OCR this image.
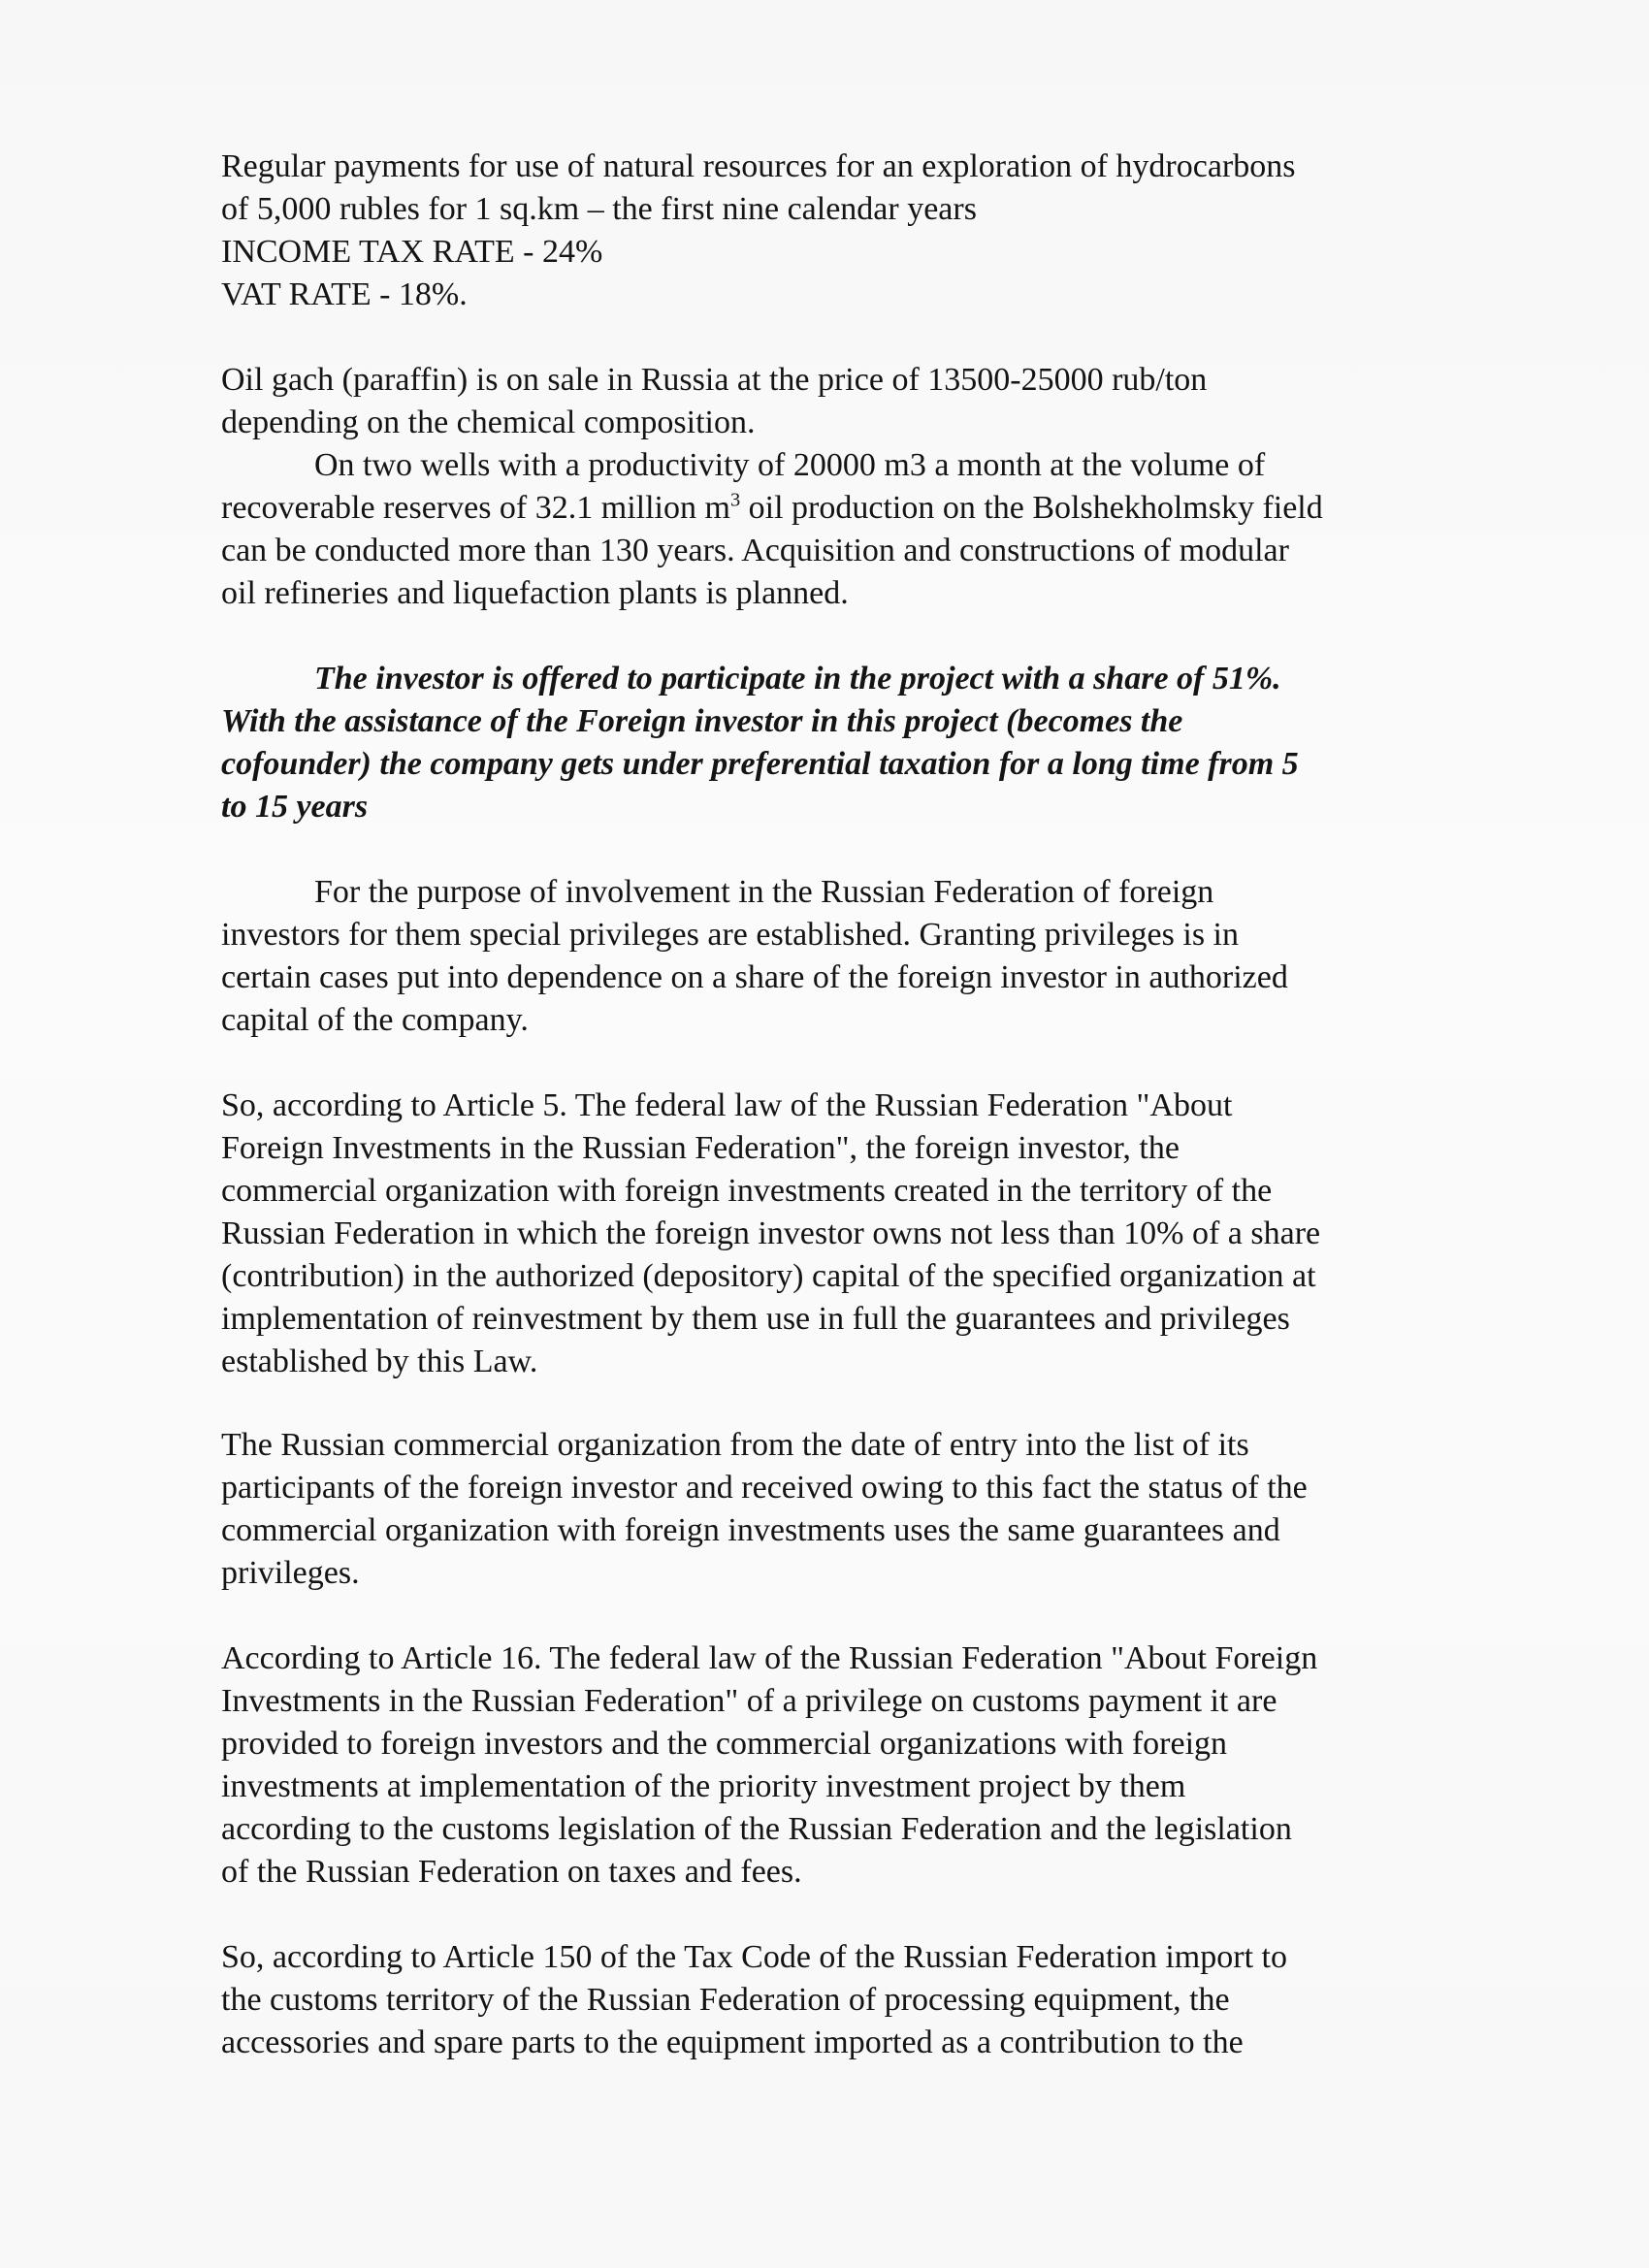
Regular payments for use of natural resources for an exploration of hydrocarbons
of 5,000 rubles for 1 sq.km – the first nine calendar years
INCOME TAX RATE - 24%
VAT RATE - 18%.
Oil gach (paraffin) is on sale in Russia at the price of 13500-25000 rub/ton
depending on the chemical composition.
On two wells with a productivity of 20000 m3 a month at the volume of
recoverable reserves of 32.1 million $m^3$ oil production on the Bolshekholmsky field
can be conducted more than 130 years. Acquisition and constructions of modular
oil refineries and liquefaction plants is planned.
The investor is offered to participate in the project with a share of 51%.
With the assistance of the Foreign investor in this project (becomes the
cofounder) the company gets under preferential taxation for a long time from 5
to 15 years
For the purpose of involvement in the Russian Federation of foreign
investors for them special privileges are established. Granting privileges is in
certain cases put into dependence on a share of the foreign investor in authorized
capital of the company.
So, according to Article 5. The federal law of the Russian Federation "About
Foreign Investments in the Russian Federation", the foreign investor, the
commercial organization with foreign investments created in the territory of the
Russian Federation in which the foreign investor owns not less than 10% of a share
(contribution) in the authorized (depository) capital of the specified organization at
implementation of reinvestment by them use in full the guarantees and privileges
established by this Law.
The Russian commercial organization from the date of entry into the list of its
participants of the foreign investor and received owing to this fact the status of the
commercial organization with foreign investments uses the same guarantees and
privileges.
According to Article 16. The federal law of the Russian Federation "About Foreign
Investments in the Russian Federation" of a privilege on customs payment it are
provided to foreign investors and the commercial organizations with foreign
investments at implementation of the priority investment project by them
according to the customs legislation of the Russian Federation and the legislation
of the Russian Federation on taxes and fees.
So, according to Article 150 of the Tax Code of the Russian Federation import to
the customs territory of the Russian Federation of processing equipment, the
accessories and spare parts to the equipment imported as a contribution to the
